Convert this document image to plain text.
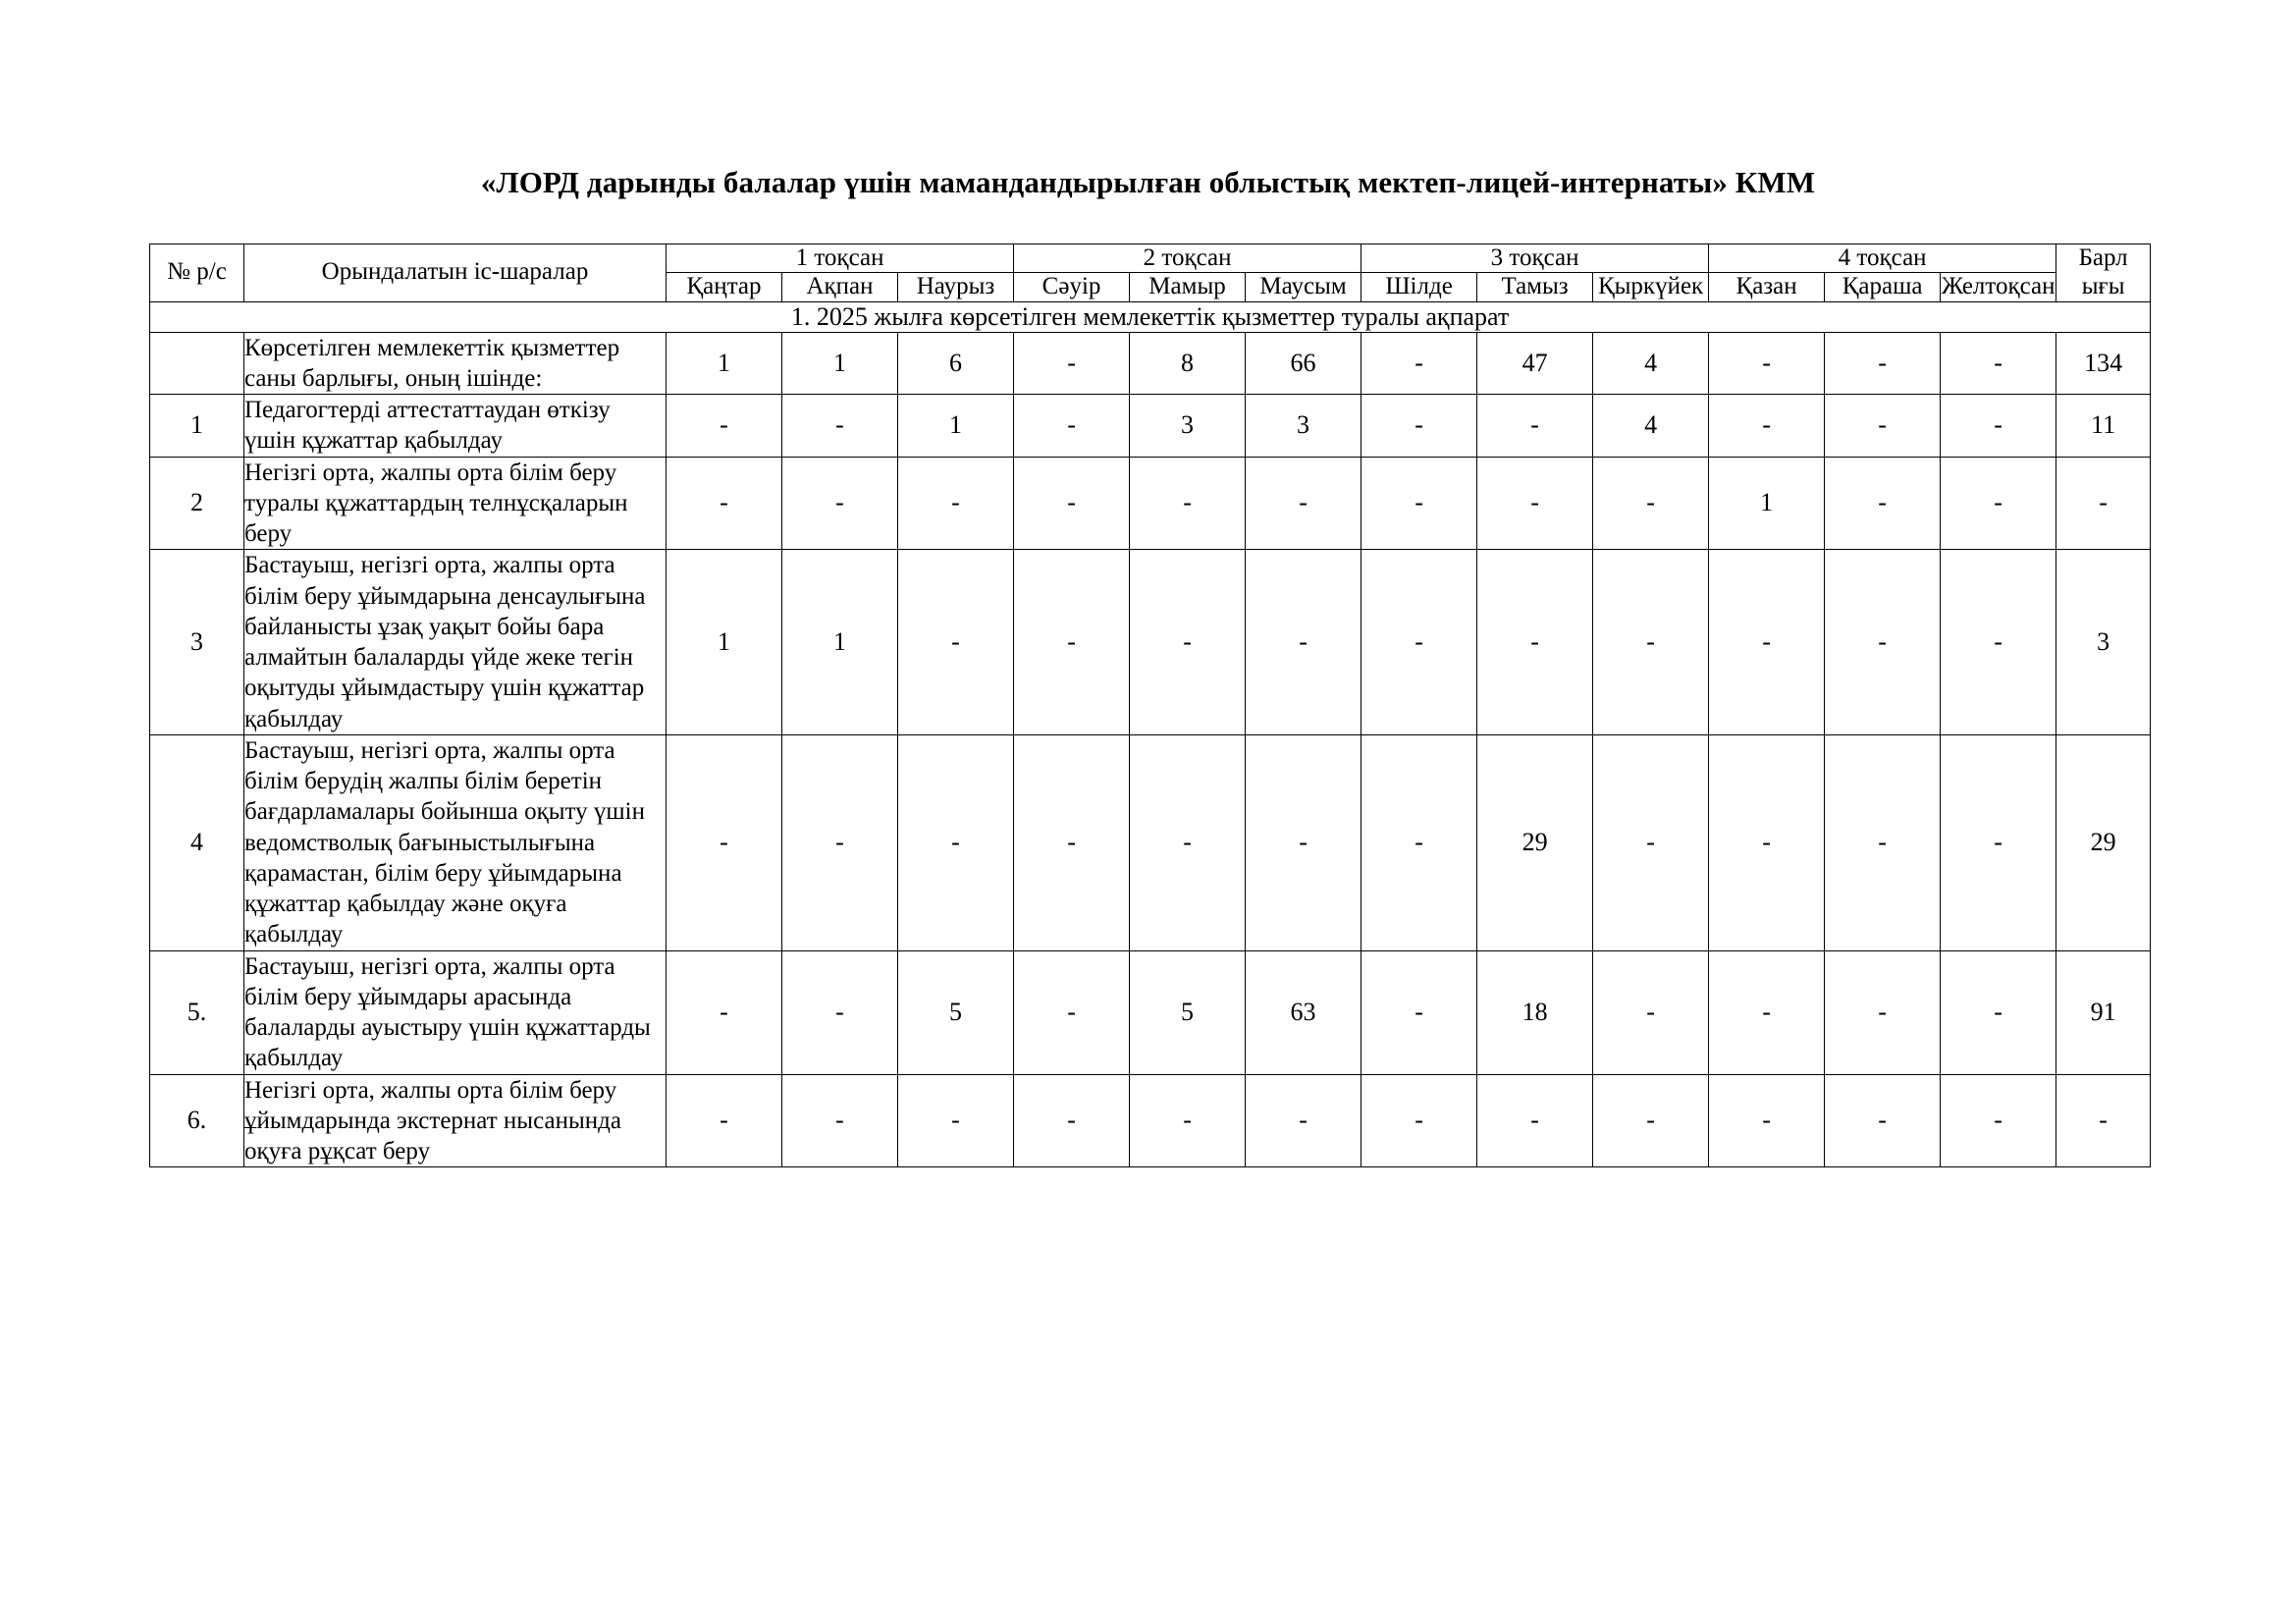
«ЛОРД дарынды балалар үшін мамандандырылған облыстық мектеп-лицей-интернаты» КММ
№ р/с	Орындалатын іс-шаралар	1 тоқсан			2 тоқсан			3 тоқсан			4 тоқсан			Барл
ығы
		Қаңтар	Ақпан	Наурыз	Сәуір	Мамыр	Маусым	Шілде	Тамыз	Қыркүйек	Қазан	Қараша	Желтоқсан	
1. 2025 жылға көрсетілген мемлекеттік қызметтер туралы ақпарат														
	Көрсетілген мемлекеттік қызметтер саны барлығы, оның ішінде:	1	1	6	-	8	66	-	47	4	-	-	-	134
1	Педагогтерді аттестаттаудан өткізу үшін құжаттар қабылдау	-	-	1	-	3	3	-	-	4	-	-	-	11
2	Негізгі орта, жалпы орта білім беру туралы құжаттардың телнұсқаларын беру	-	-	-	-	-	-	-	-	-	1	-	-	-
3	Бастауыш, негізгі орта, жалпы орта білім беру ұйымдарына денсаулығына байланысты ұзақ уақыт бойы бара алмайтын балаларды үйде жеке тегін оқытуды ұйымдастыру үшін құжаттар қабылдау	1	1	-	-	-	-	-	-	-	-	-	-	3
4	Бастауыш, негізгі орта, жалпы орта білім берудің жалпы білім беретін бағдарламалары бойынша оқыту үшін ведомстволық бағыныстылығына қарамастан, білім беру ұйымдарына құжаттар қабылдау және оқуға қабылдау	-	-	-	-	-	-	-	29	-	-	-	-	29
5.	Бастауыш, негізгі орта, жалпы орта білім беру ұйымдары арасында балаларды ауыстыру үшін құжаттарды қабылдау	-	-	5	-	5	63	-	18	-	-	-	-	91
6.	Негізгі орта, жалпы орта білім беру ұйымдарында экстернат нысанында оқуға рұқсат беру	-	-	-	-	-	-	-	-	-	-	-	-	-
